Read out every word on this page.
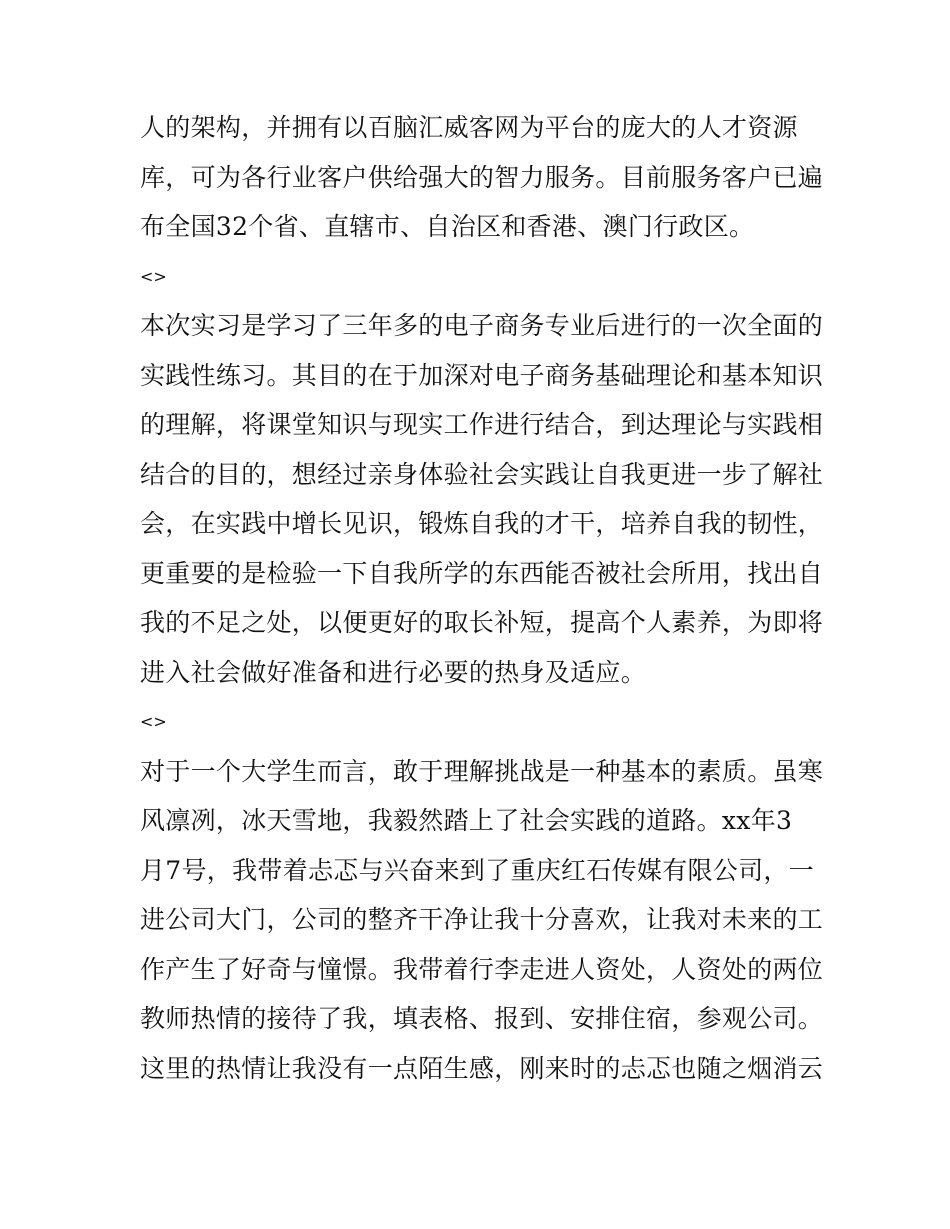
人的架构，并拥有以百脑汇威客网为平台的庞大的人才资源
库，可为各行业客户供给强大的智力服务。目前服务客户已遍
布全国32个省、直辖市、自治区和香港、澳门行政区。
<>
本次实习是学习了三年多的电子商务专业后进行的一次全面的
实践性练习。其目的在于加深对电子商务基础理论和基本知识
的理解，将课堂知识与现实工作进行结合，到达理论与实践相
结合的目的，想经过亲身体验社会实践让自我更进一步了解社
会，在实践中增长见识，锻炼自我的才干，培养自我的韧性，
更重要的是检验一下自我所学的东西能否被社会所用，找出自
我的不足之处，以便更好的取长补短，提高个人素养，为即将
进入社会做好准备和进行必要的热身及适应。
<>
对于一个大学生而言，敢于理解挑战是一种基本的素质。虽寒
风凛冽，冰天雪地，我毅然踏上了社会实践的道路。xx年3
月7号，我带着忐忑与兴奋来到了重庆红石传媒有限公司，一
进公司大门，公司的整齐干净让我十分喜欢，让我对未来的工
作产生了好奇与憧憬。我带着行李走进人资处，人资处的两位
教师热情的接待了我，填表格、报到、安排住宿，参观公司。
这里的热情让我没有一点陌生感，刚来时的忐忑也随之烟消云
